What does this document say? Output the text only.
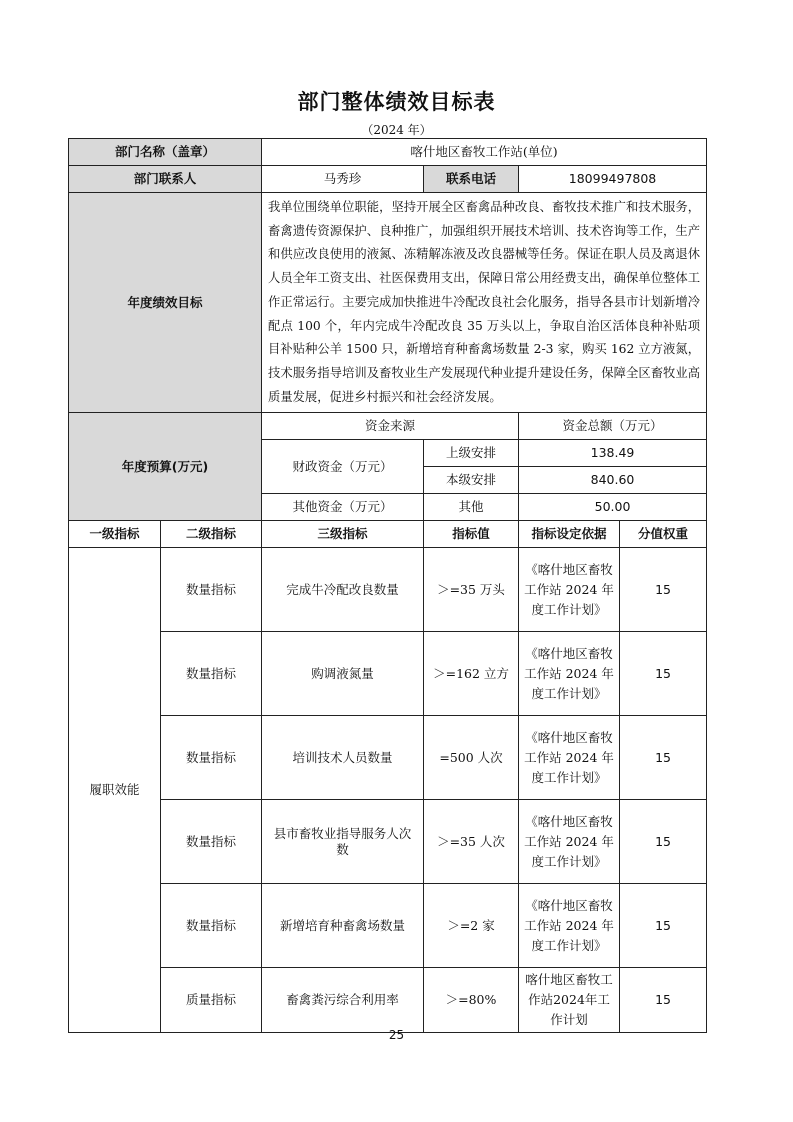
部门整体绩效目标表
（2024 年）
部门名称（盖章）		喀什地区畜牧工作站(单位)			
部门联系人		马秀珍	联系电话	18099497808	
年度绩效目标		我单位围绕单位职能，坚持开展全区畜禽品种改良、畜牧技术推广和技术服务，畜禽遗传资源保护、良种推广，加强组织开展技术培训、技术咨询等工作，生产和供应改良使用的液氮、冻精解冻液及改良器械等任务。保证在职人员及离退休人员全年工资支出、社医保费用支出，保障日常公用经费支出，确保单位整体工作正常运行。主要完成加快推进牛冷配改良社会化服务，指导各县市计划新增冷配点 100 个，年内完成牛冷配改良 35 万头以上，争取自治区活体良种补贴项目补贴种公羊 1500 只，新增培育种畜禽场数量 2-3 家，购买 162 立方液氮，技术服务指导培训及畜牧业生产发展现代种业提升建设任务，保障全区畜牧业高质量发展，促进乡村振兴和社会经济发展。			
年度预算(万元)		资金来源		资金总额（万元）	
		财政资金（万元）	上级安排	138.49	
			本级安排	840.60	
		其他资金（万元）	其他	50.00	
一级指标	二级指标	三级指标	指标值	指标设定依据	分值权重
履职效能	数量指标	完成牛冷配改良数量	＞=35 万头	《喀什地区畜牧工作站 2024 年度工作计划》	15
	数量指标	购调液氮量	＞=162 立方	《喀什地区畜牧工作站 2024 年度工作计划》	15
	数量指标	培训技术人员数量	=500 人次	《喀什地区畜牧工作站 2024 年度工作计划》	15
	数量指标	县市畜牧业指导服务人次数	＞=35 人次	《喀什地区畜牧工作站 2024 年度工作计划》	15
	数量指标	新增培育种畜禽场数量	＞=2 家	《喀什地区畜牧工作站 2024 年度工作计划》	15
	质量指标	畜禽粪污综合利用率	＞=80%	喀什地区畜牧工作站2024年工作计划	15
25
